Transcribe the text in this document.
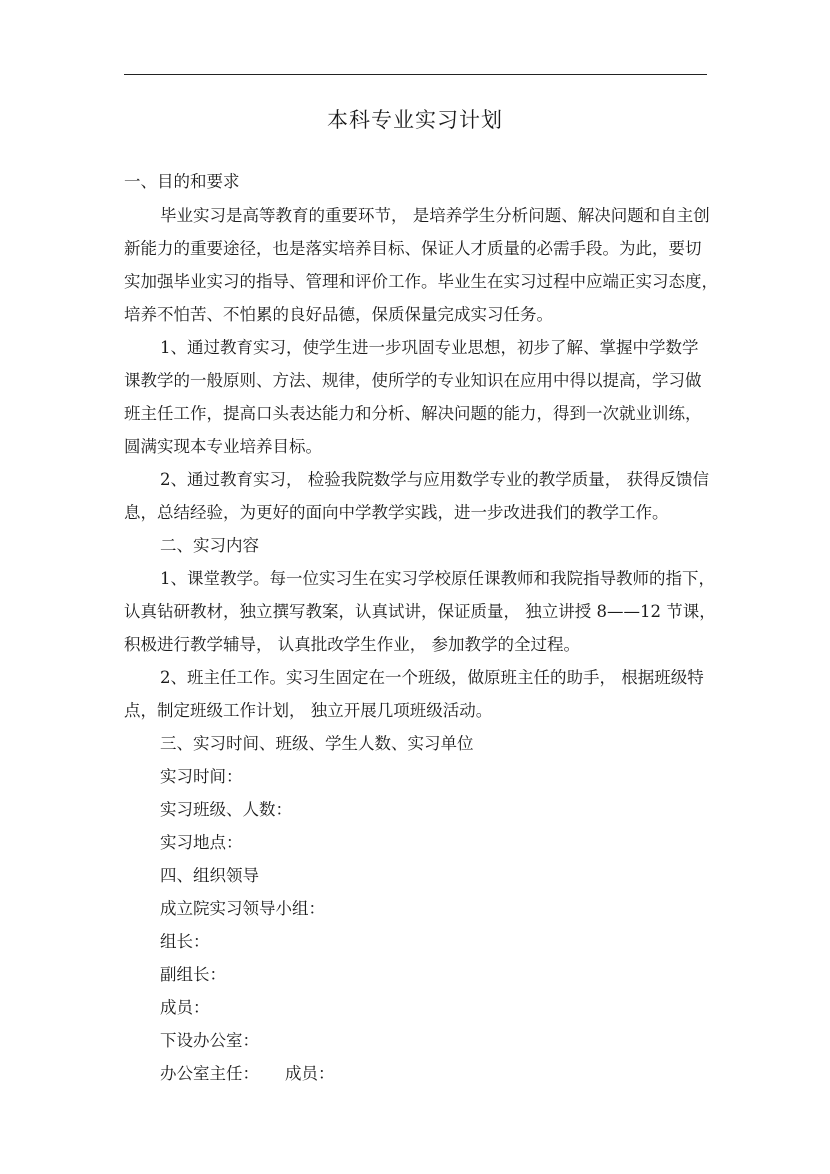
本科专业实习计划
一、目的和要求
毕业实习是高等教育的重要环节， 是培养学生分析问题、解决问题和自主创
新能力的重要途径，也是落实培养目标、保证人才质量的必需手段。为此，要切
实加强毕业实习的指导、管理和评价工作。毕业生在实习过程中应端正实习态度，
培养不怕苦、不怕累的良好品德，保质保量完成实习任务。
1、通过教育实习，使学生进一步巩固专业思想，初步了解、掌握中学数学
课教学的一般原则、方法、规律，使所学的专业知识在应用中得以提高，学习做
班主任工作，提高口头表达能力和分析、解决问题的能力，得到一次就业训练，
圆满实现本专业培养目标。
2、通过教育实习， 检验我院数学与应用数学专业的教学质量， 获得反馈信
息，总结经验，为更好的面向中学教学实践，进一步改进我们的教学工作。
二、实习内容
1、课堂教学。每一位实习生在实习学校原任课教师和我院指导教师的指下，
认真钻研教材，独立撰写教案，认真试讲，保证质量， 独立讲授 8——12 节课，
积极进行教学辅导， 认真批改学生作业， 参加教学的全过程。
2、班主任工作。实习生固定在一个班级，做原班主任的助手， 根据班级特
点，制定班级工作计划， 独立开展几项班级活动。
三、实习时间、班级、学生人数、实习单位
实习时间：
实习班级、人数：
实习地点：
四、组织领导
成立院实习领导小组：
组长：
副组长：
成员：
下设办公室：
办公室主任： 成员：
